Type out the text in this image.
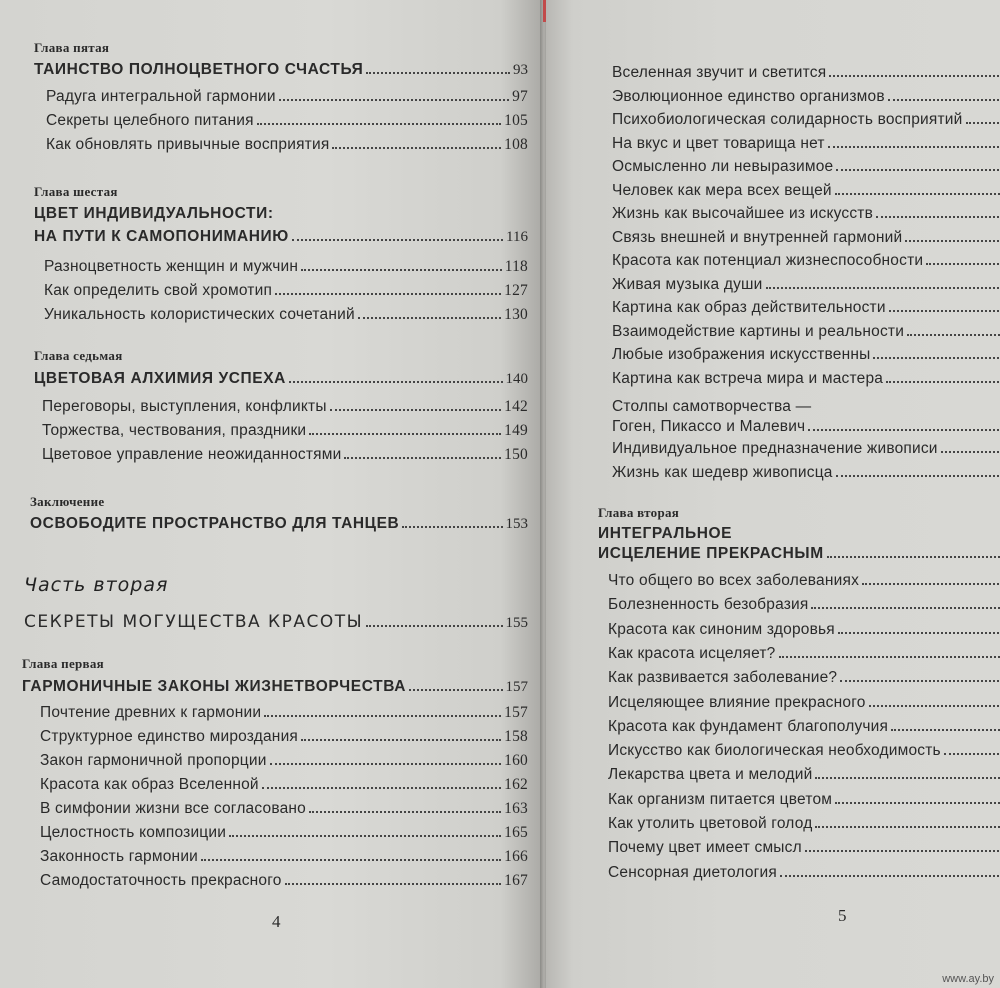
Глава пятая
ТАИНСТВО ПОЛНОЦВЕТНОГО СЧАСТЬЯ	93
Радуга интегральной гармонии	97
Секреты целебного питания	105
Как обновлять привычные восприятия	108
Глава шестая
ЦВЕТ ИНДИВИДУАЛЬНОСТИ:
НА ПУТИ К САМОПОНИМАНИЮ	116
Разноцветность женщин и мужчин	118
Как определить свой хромотип	127
Уникальность колористических сочетаний	130
Глава седьмая
ЦВЕТОВАЯ АЛХИМИЯ УСПЕХА	140
Переговоры, выступления, конфликты	142
Торжества, чествования, праздники	149
Цветовое управление неожиданностями	150
Заключение
ОСВОБОДИТЕ ПРОСТРАНСТВО ДЛЯ ТАНЦЕВ	153
Часть вторая
СЕКРЕТЫ МОГУЩЕСТВА КРАСОТЫ	155
Глава первая
ГАРМОНИЧНЫЕ ЗАКОНЫ ЖИЗНЕТВОРЧЕСТВА	157
Почтение древних к гармонии	157
Структурное единство мироздания	158
Закон гармоничной пропорции	160
Красота как образ Вселенной	162
В симфонии жизни все согласовано	163
Целостность композиции	165
Законность гармонии	166
Самодостаточность прекрасного	167
4
Вселенная звучит и светится
Эволюционное единство организмов
Психобиологическая солидарность восприятий
На вкус и цвет товарища нет
Осмысленно ли невыразимое
Человек как мера всех вещей
Жизнь как высочайшее из искусств
Связь внешней и внутренней гармоний
Красота как потенциал жизнеспособности
Живая музыка души
Картина как образ действительности
Взаимодействие картины и реальности
Любые изображения искусственны
Картина как встреча мира и мастера
Столпы самотворчества —
Гоген, Пикассо и Малевич
Индивидуальное предназначение живописи
Жизнь как шедевр живописца
Глава вторая
ИНТЕГРАЛЬНОЕ
ИСЦЕЛЕНИЕ ПРЕКРАСНЫМ
Что общего во всех заболеваниях
Болезненность безобразия
Красота как синоним здоровья
Как красота исцеляет?
Как развивается заболевание?
Исцеляющее влияние прекрасного
Красота как фундамент благополучия
Искусство как биологическая необходимость
Лекарства цвета и мелодий
Как организм питается цветом
Как утолить цветовой голод
Почему цвет имеет смысл
Сенсорная диетология
5
www.ay.by
